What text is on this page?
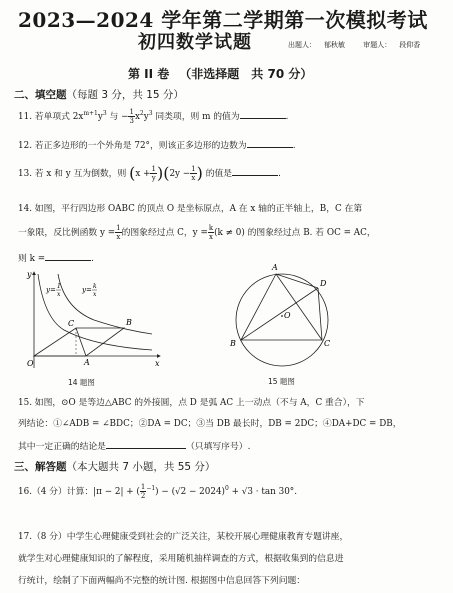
2023—2024 学年第二学期第一次模拟考试
初四数学试题	出题人： 郁秋敏	审题人： 段仰香
第 II 卷 （非选择题　共 70 分）
二、填空题（每题 3 分，共 15 分）
11. 若单项式 $2x^{m+1}y^3$ 与 − $\frac{1}{3} x^2y^3$ 同类项，则 m 的值为	.
12. 若正多边形的一个外角是 72°，则该正多边形的边数为	.
13. 若 x 和 y 互为倒数，则 $(x + \frac{1}{y} )(2y - \frac{1}{x}$ ) 的值是	.
14. 如图，平行四边形 OABC 的顶点 O 是坐标原点，A 在 x 轴的正半轴上，B，C 在第
一象限，反比例函数 $y = \frac{1}{x}$ 的图象经过点 C，$y = \frac{k}{x} (k \ne 0)$ 的图象经过点 B. 若 OC = AC，
则 k =	.
y
x
O	A
B
C
y= 1
x
y= k
x
14 题图
A
B	C
D
O
15 题图
15. 如图，⊙O 是等边△ABC 的外接圆，点 D 是弧 AC 上一动点（不与 A，C 重合），下
列结论：①∠ADB = ∠BDC；②DA = DC；③当 DB 最长时，DB = 2DC；④DA+DC = DB，
其中一定正确的结论是	（只填写序号）.
三、解答题（本大题共 7 小题，共 55 分）
16.（4 分）计算：|π − 2| + ( $\frac{1}{2} ^{-1}) - (√2 - 2024)^0 + √3 \cdot \tan 30^\circ$.
17.（8 分）中学生心理健康受到社会的广泛关注，某校开展心理健康教育专题讲座，
就学生对心理健康知识的了解程度，采用随机抽样调查的方式，根据收集到的信息进
行统计，绘制了下面两幅尚不完整的统计图. 根据图中信息回答下列问题：
